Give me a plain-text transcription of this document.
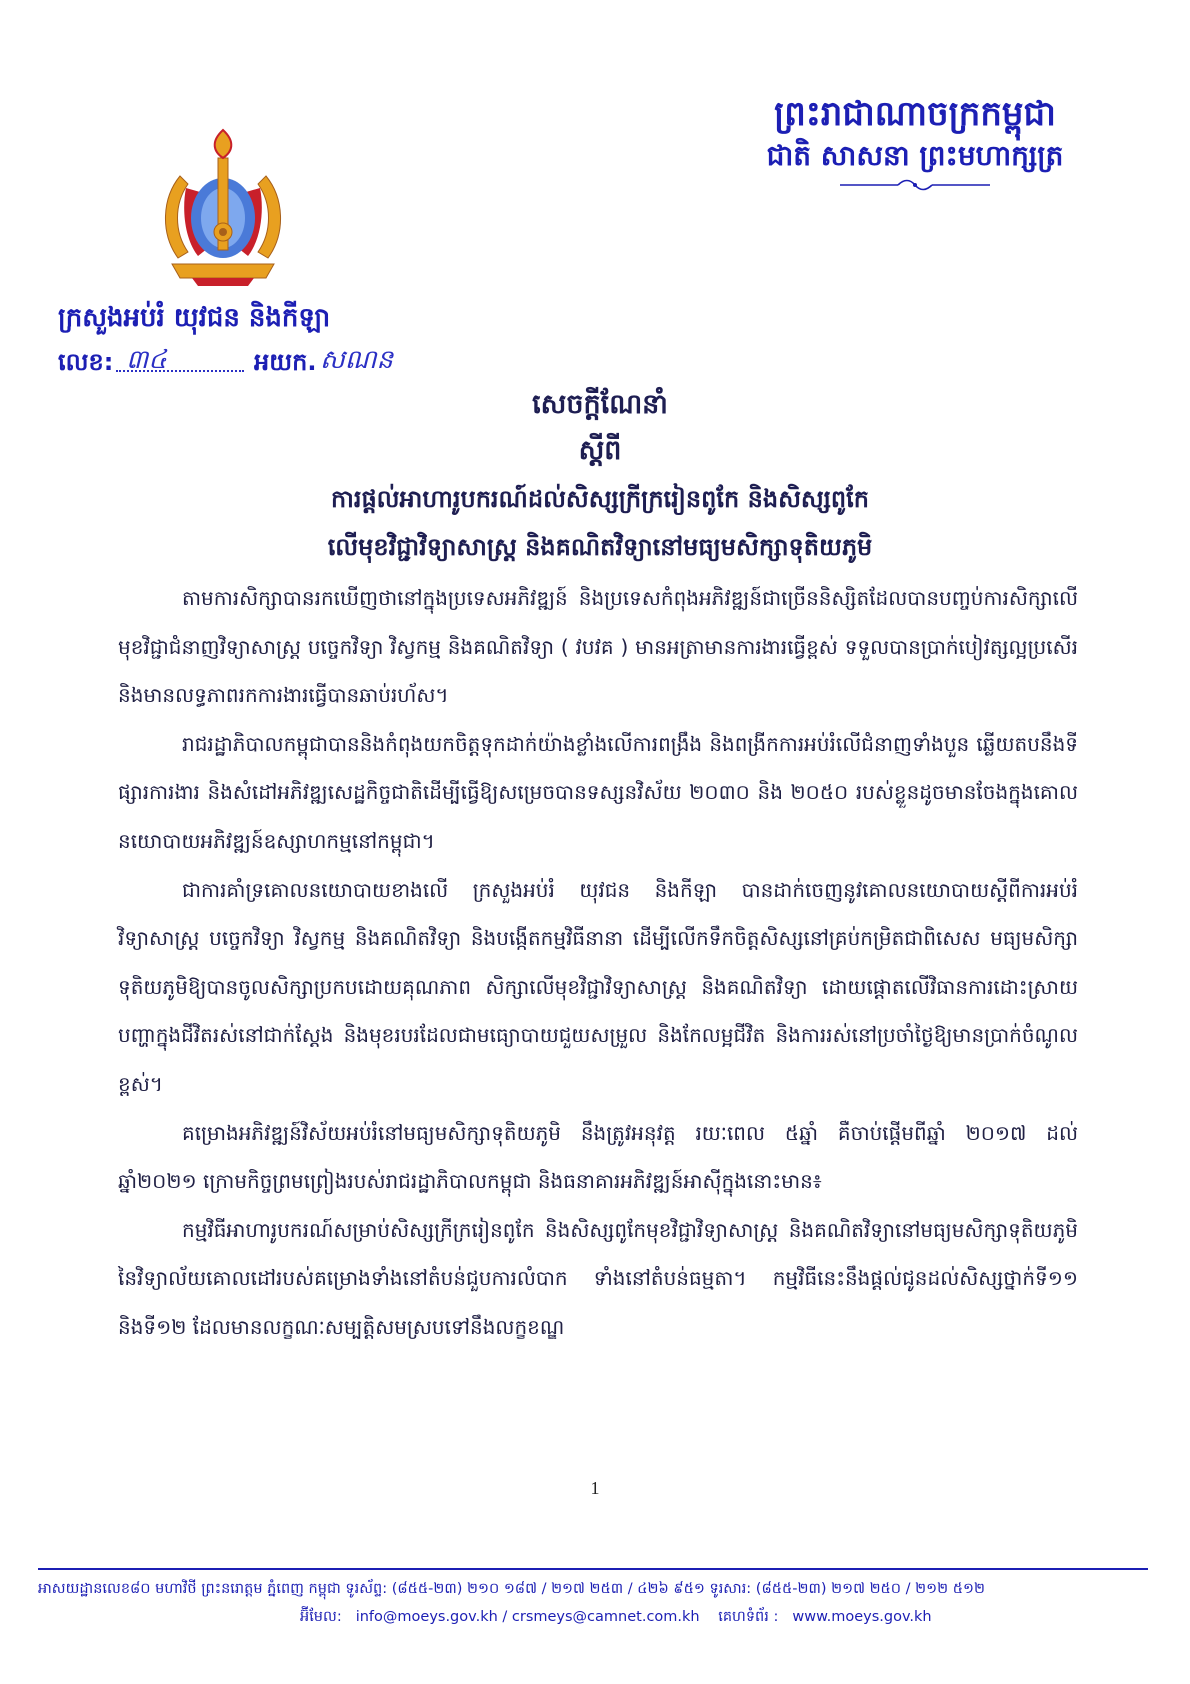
ព្រះរាជាណាចក្រកម្ពុជា
ជាតិ សាសនា ព្រះមហាក្សត្រ
ក្រសួងអប់រំ យុវជន និងកីឡា
លេខ: ៣៤	អយក. សណន
សេចក្តីណែនាំ
ស្តីពី
ការផ្តល់អាហារូបករណ៍ដល់សិស្សក្រីក្ររៀនពូកែ និងសិស្សពូកែ
លើមុខវិជ្ជាវិទ្យាសាស្ត្រ និងគណិតវិទ្យានៅមធ្យមសិក្សាទុតិយភូមិ

តាមការសិក្សាបានរកឃើញថានៅក្នុងប្រទេសអភិវឌ្ឍន៍ និងប្រទេសកំពុងអភិវឌ្ឍន៍ជាច្រើននិស្សិតដែលបានបញ្ចប់ការសិក្សាលើមុខវិជ្ជាជំនាញវិទ្យាសាស្ត្រ បច្ចេកវិទ្យា វិស្វកម្ម និងគណិតវិទ្យា ( វបវគ ) មានអត្រាមានការងារធ្វើខ្ពស់ ទទួលបានប្រាក់បៀវត្សល្អប្រសើរ និងមានលទ្ធភាពរកការងារធ្វើបានឆាប់រហ័ស។

រាជរដ្ឋាភិបាលកម្ពុជាបាននិងកំពុងយកចិត្តទុកដាក់យ៉ាងខ្លាំងលើការពង្រឹង និងពង្រីកការអប់រំលើជំនាញទាំងបួន ឆ្លើយតបនឹងទីផ្សារការងារ និងសំដៅអភិវឌ្ឍសេដ្ឋកិច្ចជាតិដើម្បីធ្វើឱ្យសម្រេចបានទស្សនវិស័យ ២០៣០ និង ២០៥០ របស់ខ្លួនដូចមានចែងក្នុងគោលនយោបាយអភិវឌ្ឍន៍ឧស្សាហកម្មនៅកម្ពុជា។

ជាការគាំទ្រគោលនយោបាយខាងលើ ក្រសួងអប់រំ យុវជន និងកីឡា បានដាក់ចេញនូវគោលនយោបាយស្តីពីការអប់រំវិទ្យាសាស្ត្រ បច្ចេកវិទ្យា វិស្វកម្ម និងគណិតវិទ្យា និងបង្កើតកម្មវិធីនានា ដើម្បីលើកទឹកចិត្តសិស្សនៅគ្រប់កម្រិតជាពិសេស មធ្យមសិក្សាទុតិយភូមិឱ្យបានចូលសិក្សាប្រកបដោយគុណភាព សិក្សាលើមុខវិជ្ជាវិទ្យាសាស្ត្រ និងគណិតវិទ្យា ដោយផ្តោតលើវិធានការដោះស្រាយបញ្ហាក្នុងជីវិតរស់នៅជាក់ស្តែង និងមុខរបរដែលជាមធ្យោបាយជួយសម្រួល និងកែលម្អជីវិត និងការរស់នៅប្រចាំថ្ងៃឱ្យមានប្រាក់ចំណូលខ្ពស់។

គម្រោងអភិវឌ្ឍន៍វិស័យអប់រំនៅមធ្យមសិក្សាទុតិយភូមិ នឹងត្រូវអនុវត្ត រយៈពេល ៥ឆ្នាំ គឺចាប់ផ្តើមពីឆ្នាំ ២០១៧ ដល់ ឆ្នាំ២០២១ ក្រោមកិច្ចព្រមព្រៀងរបស់រាជរដ្ឋាភិបាលកម្ពុជា និងធនាគារអភិវឌ្ឍន៍អាស៊ីក្នុងនោះមាន៖

កម្មវិធីអាហារូបករណ៍សម្រាប់សិស្សក្រីក្ររៀនពូកែ និងសិស្សពូកែមុខវិជ្ជាវិទ្យាសាស្ត្រ និងគណិតវិទ្យានៅមធ្យមសិក្សាទុតិយភូមិនៃវិទ្យាល័យគោលដៅរបស់គម្រោងទាំងនៅតំបន់ជួបការលំបាក ទាំងនៅតំបន់ធម្មតា។ កម្មវិធីនេះនឹងផ្តល់ជូនដល់សិស្សថ្នាក់ទី១១ និងទី១២ ដែលមានលក្ខណៈសម្បត្តិសមស្របទៅនឹងលក្ខខណ្ឌ

1
អាសយដ្ឋានលេខ៨០ មហាវិថី ព្រះនរោត្តម ភ្នំពេញ កម្ពុជា ទូរស័ព្ទ: (៨៥៥-២៣) ២១០ ១៨៧ / ២១៧ ២៥៣ / ៤២៦ ៩៥១ ទូរសារ: (៨៥៥-២៣) ២១៧ ២៥០ / ២១២ ៥១២
អ៊ីមែល: info@moeys.gov.kh / crsmeys@camnet.com.kh គេហទំព័រ : www.moeys.gov.kh
